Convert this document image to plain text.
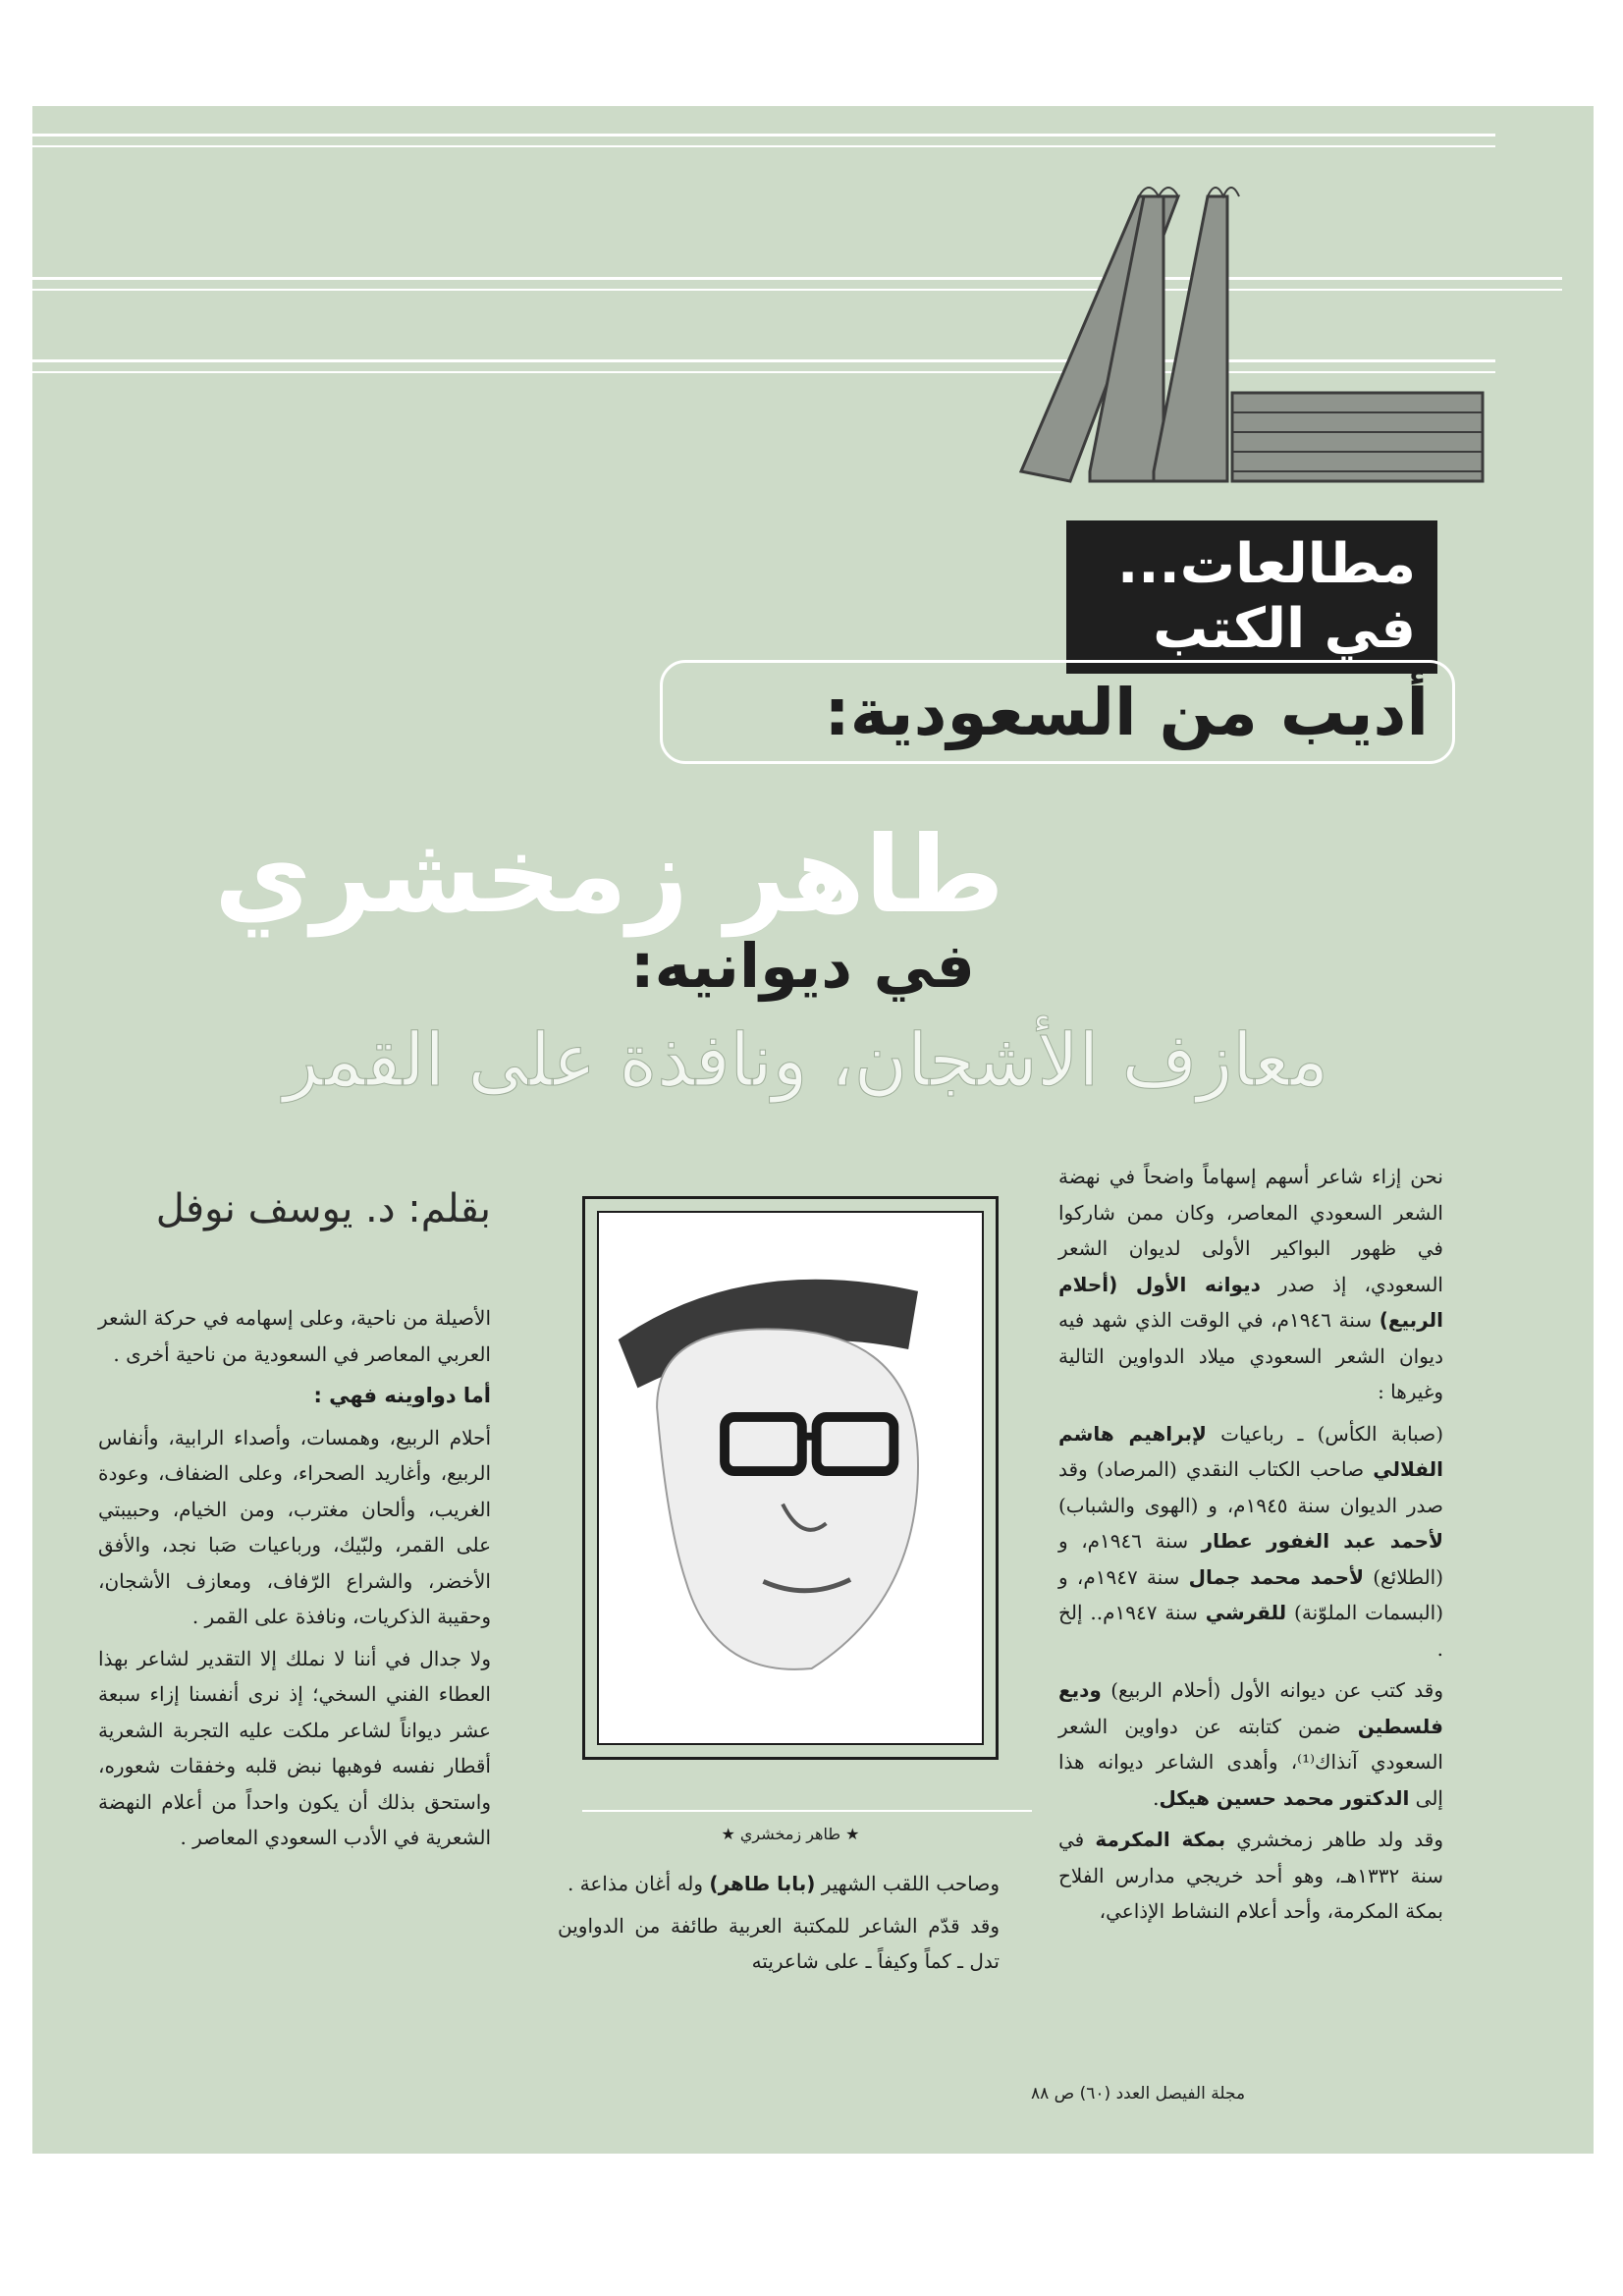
مطالعات...
في الكتب
أديب من السعودية:
طاهر زمخشري
في ديوانيه:
معازف الأشجان، ونافذة على القمر
بقلم: د. يوسف نوفل

نحن إزاء شاعر أسهم إسهاماً واضحاً في نهضة الشعر السعودي المعاصر، وكان ممن شاركوا في ظهور البواكير الأولى لديوان الشعر السعودي، إذ صدر ديوانه الأول (أحلام الربيع) سنة ١٩٤٦م، في الوقت الذي شهد فيه ديوان الشعر السعودي ميلاد الدواوين التالية وغيرها :

(صبابة الكأس) ـ رباعيات لإبراهيم هاشم الفلالي صاحب الكتاب النقدي (المرصاد) وقد صدر الديوان سنة ١٩٤٥م، و (الهوى والشباب) لأحمد عبد الغفور عطار سنة ١٩٤٦م، و (الطلائع) لأحمد محمد جمال سنة ١٩٤٧م، و (البسمات الملوّنة) للقرشي سنة ١٩٤٧م.. إلخ .

وقد كتب عن ديوانه الأول (أحلام الربيع) وديع فلسطين ضمن كتابته عن دواوين الشعر السعودي آنذاك⁽¹⁾، وأهدى الشاعر ديوانه هذا إلى الدكتور محمد حسين هيكل.

وقد ولد طاهر زمخشري بمكة المكرمة في سنة ١٣٣٢هـ، وهو أحد خريجي مدارس الفلاح بمكة المكرمة، وأحد أعلام النشاط الإذاعي،

★ طاهر زمخشري ★

وصاحب اللقب الشهير (بابا طاهر) وله أغان مذاعة .

وقد قدّم الشاعر للمكتبة العربية طائفة من الدواوين تدل ـ كماً وكيفاً ـ على شاعريته

الأصيلة من ناحية، وعلى إسهامه في حركة الشعر العربي المعاصر في السعودية من ناحية أخرى .

أما دواوينه فهي :

أحلام الربيع، وهمسات، وأصداء الرابية، وأنفاس الربيع، وأغاريد الصحراء، وعلى الضفاف، وعودة الغريب، وألحان مغترب، ومن الخيام، وحبيبتي على القمر، ولبّيك، ورباعيات صَبا نجد، والأفق الأخضر، والشراع الرّفاف، ومعازف الأشجان، وحقيبة الذكريات، ونافذة على القمر .

ولا جدال في أننا لا نملك إلا التقدير لشاعر بهذا العطاء الفني السخي؛ إذ نرى أنفسنا إزاء سبعة عشر ديواناً لشاعر ملكت عليه التجربة الشعرية أقطار نفسه فوهبها نبض قلبه وخفقات شعوره، واستحق بذلك أن يكون واحداً من أعلام النهضة الشعرية في الأدب السعودي المعاصر .

مجلة الفيصل العدد (٦٠) ص ٨٨
